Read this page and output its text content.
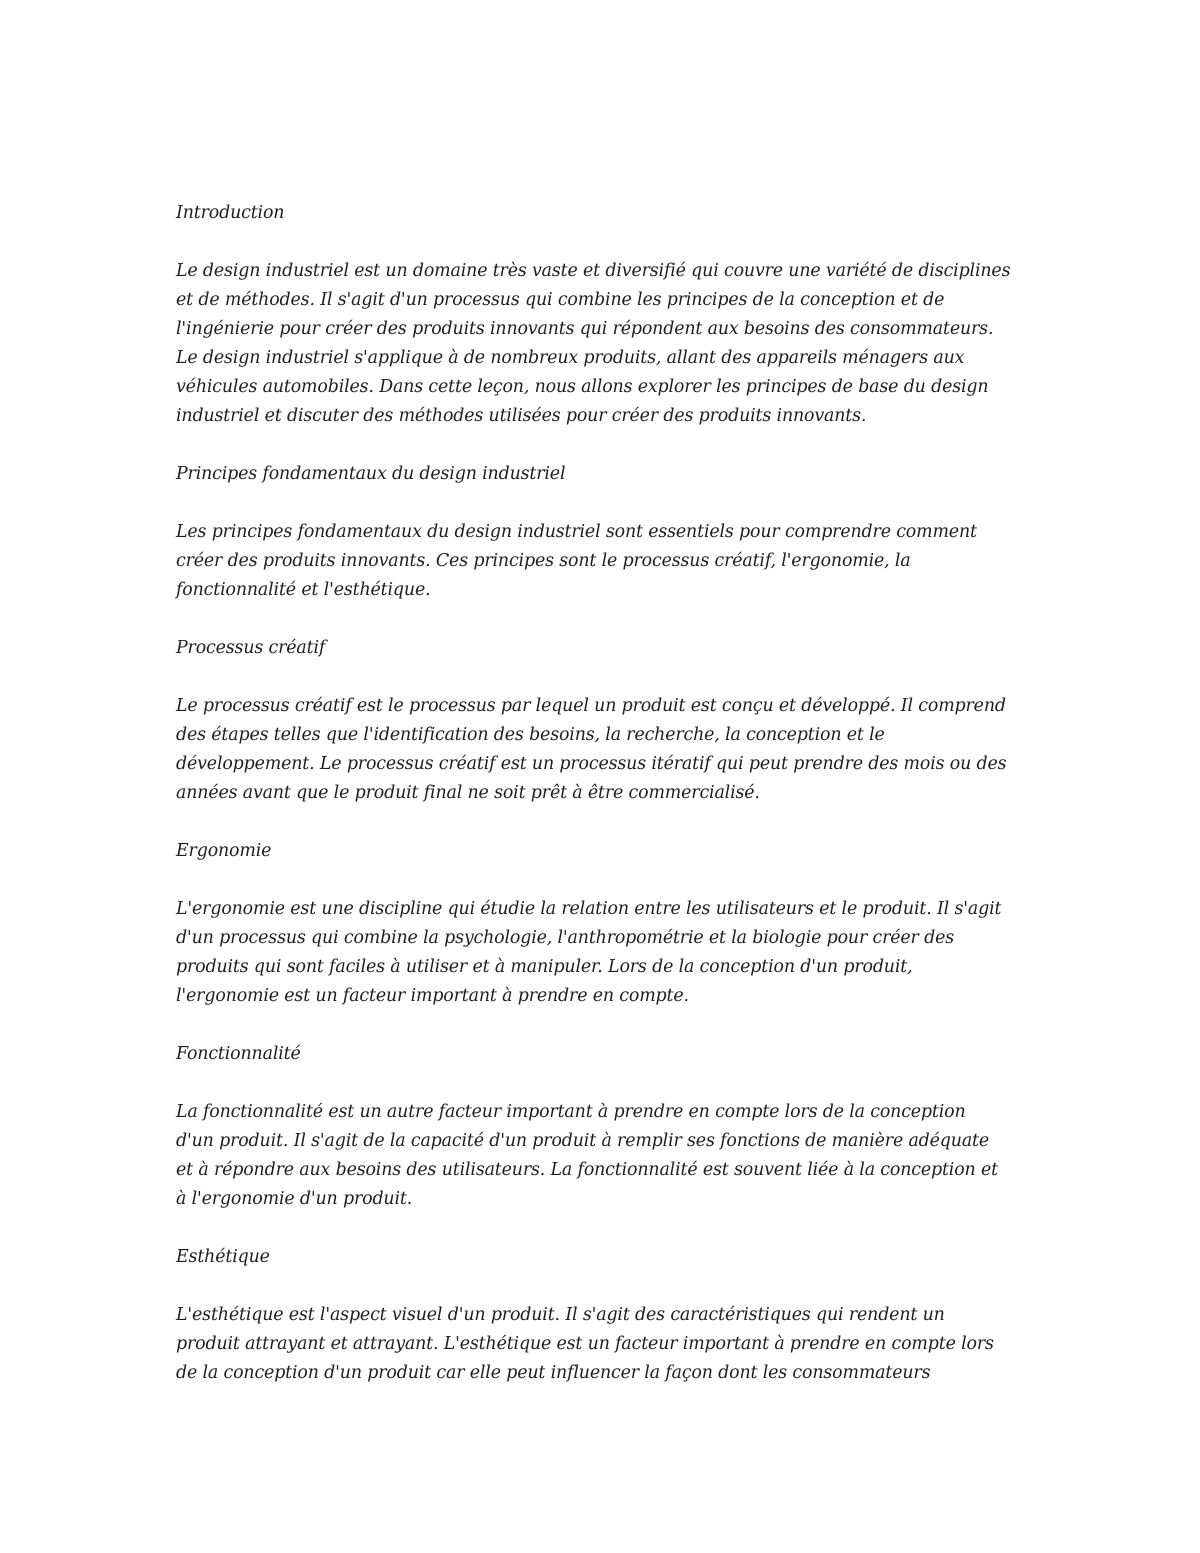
Introduction
Le design industriel est un domaine très vaste et diversifié qui couvre une variété de disciplines
et de méthodes. Il s'agit d'un processus qui combine les principes de la conception et de
l'ingénierie pour créer des produits innovants qui répondent aux besoins des consommateurs.
Le design industriel s'applique à de nombreux produits, allant des appareils ménagers aux
véhicules automobiles. Dans cette leçon, nous allons explorer les principes de base du design
industriel et discuter des méthodes utilisées pour créer des produits innovants.
Principes fondamentaux du design industriel
Les principes fondamentaux du design industriel sont essentiels pour comprendre comment
créer des produits innovants. Ces principes sont le processus créatif, l'ergonomie, la
fonctionnalité et l'esthétique.
Processus créatif
Le processus créatif est le processus par lequel un produit est conçu et développé. Il comprend
des étapes telles que l'identification des besoins, la recherche, la conception et le
développement. Le processus créatif est un processus itératif qui peut prendre des mois ou des
années avant que le produit final ne soit prêt à être commercialisé.
Ergonomie
L'ergonomie est une discipline qui étudie la relation entre les utilisateurs et le produit. Il s'agit
d'un processus qui combine la psychologie, l'anthropométrie et la biologie pour créer des
produits qui sont faciles à utiliser et à manipuler. Lors de la conception d'un produit,
l'ergonomie est un facteur important à prendre en compte.
Fonctionnalité
La fonctionnalité est un autre facteur important à prendre en compte lors de la conception
d'un produit. Il s'agit de la capacité d'un produit à remplir ses fonctions de manière adéquate
et à répondre aux besoins des utilisateurs. La fonctionnalité est souvent liée à la conception et
à l'ergonomie d'un produit.
Esthétique
L'esthétique est l'aspect visuel d'un produit. Il s'agit des caractéristiques qui rendent un
produit attrayant et attrayant. L'esthétique est un facteur important à prendre en compte lors
de la conception d'un produit car elle peut influencer la façon dont les consommateurs
